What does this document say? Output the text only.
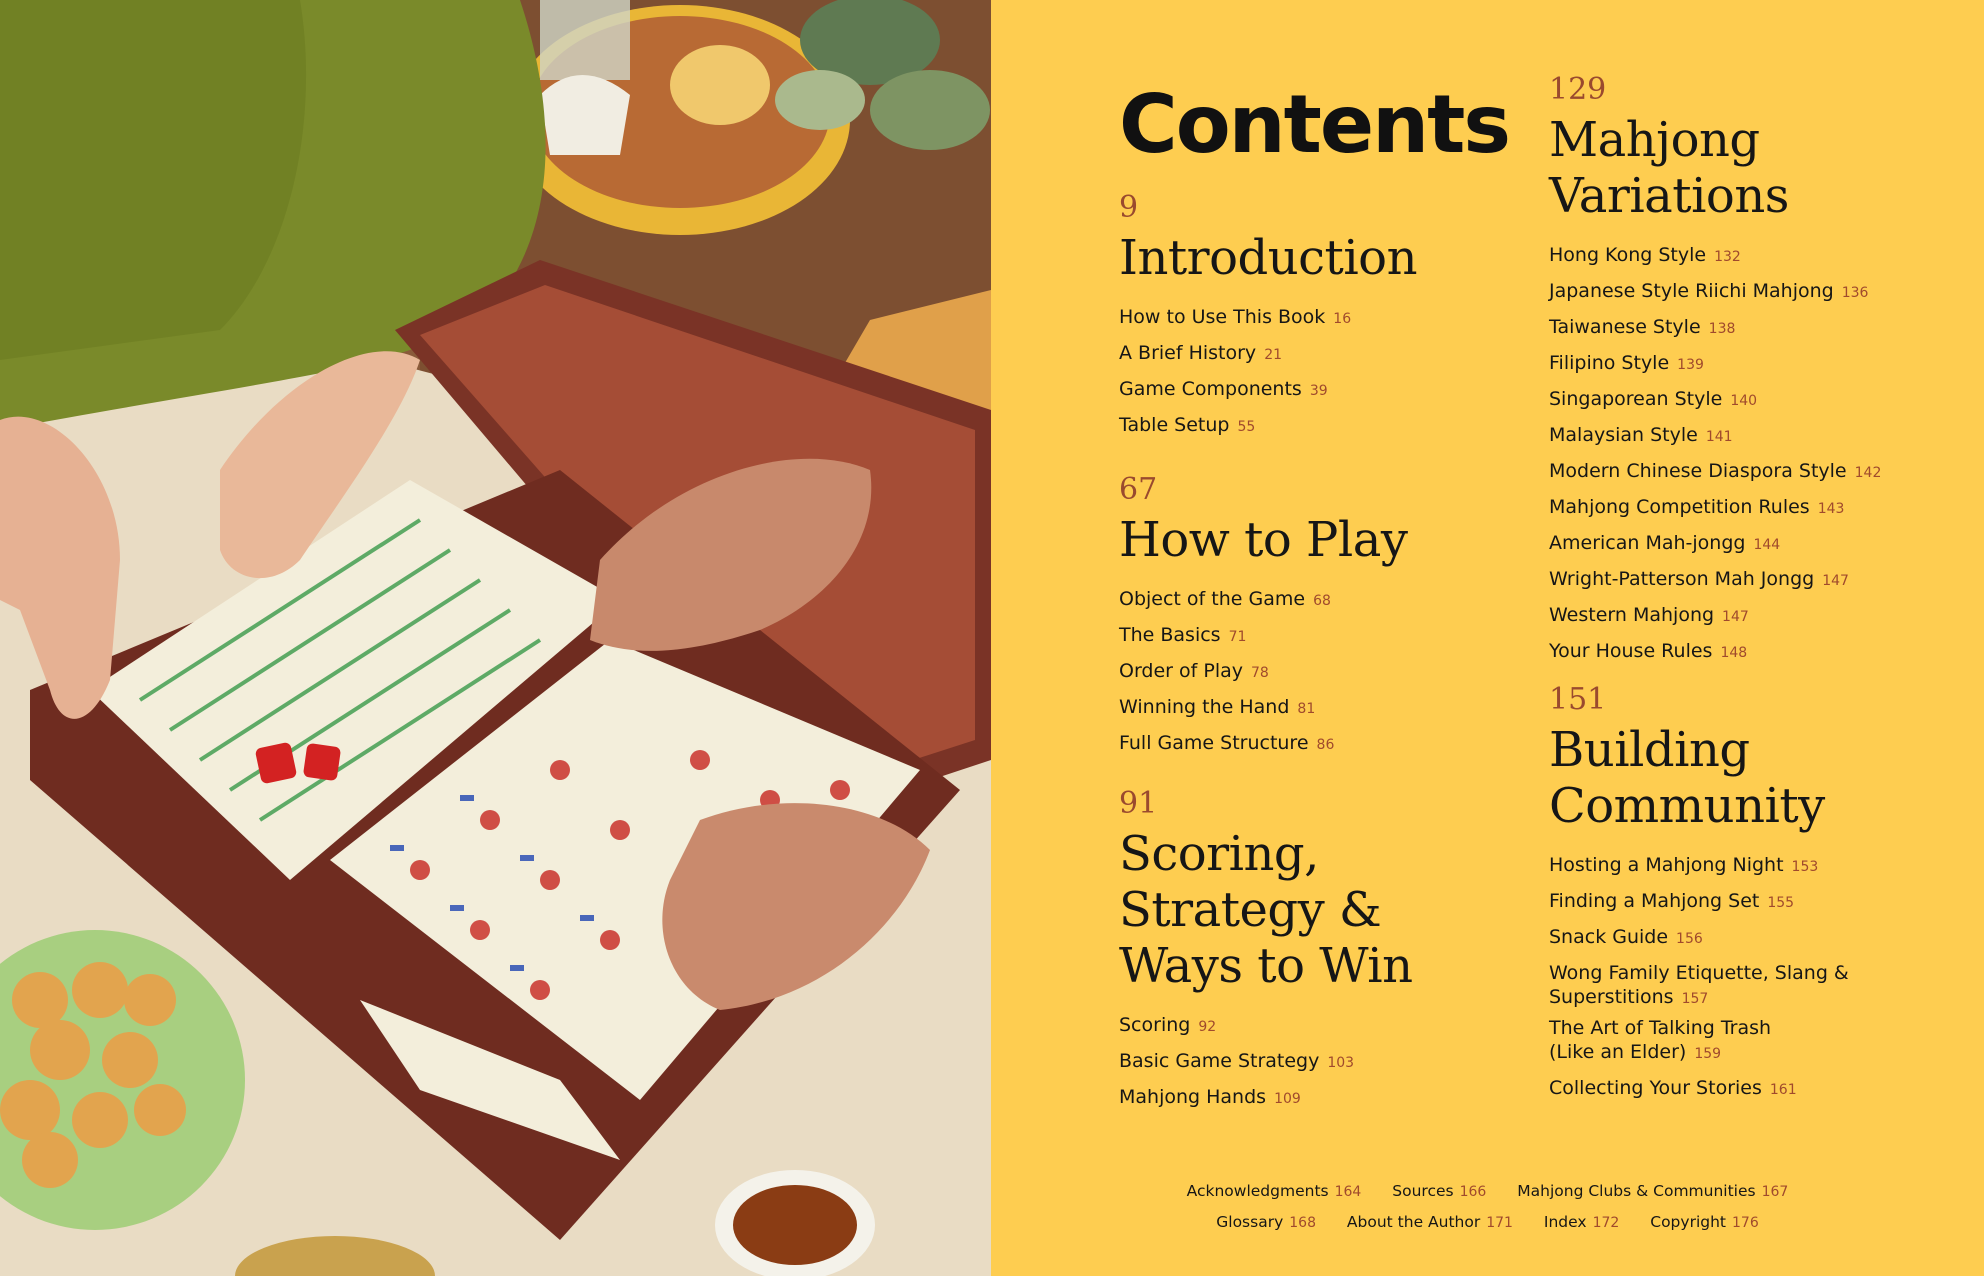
Contents
9
Introduction
How to Use This Book 16
A Brief History 21
Game Components 39
Table Setup 55
67
How to Play
Object of the Game 68
The Basics 71
Order of Play 78
Winning the Hand 81
Full Game Structure 86
91
Scoring,
Strategy &
Ways to Win
Scoring 92
Basic Game Strategy 103
Mahjong Hands 109
129
Mahjong
Variations
Hong Kong Style 132
Japanese Style Riichi Mahjong 136
Taiwanese Style 138
Filipino Style 139
Singaporean Style 140
Malaysian Style 141
Modern Chinese Diaspora Style 142
Mahjong Competition Rules 143
American Mah-jongg 144
Wright-Patterson Mah Jongg 147
Western Mahjong 147
Your House Rules 148
151
Building
Community
Hosting a Mahjong Night 153
Finding a Mahjong Set 155
Snack Guide 156
Wong Family Etiquette, Slang &
Superstitions 157
The Art of Talking Trash
(Like an Elder) 159
Collecting Your Stories 161
Acknowledgments 164 Sources 166 Mahjong Clubs & Communities 167
Glossary 168 About the Author 171 Index 172 Copyright 176
